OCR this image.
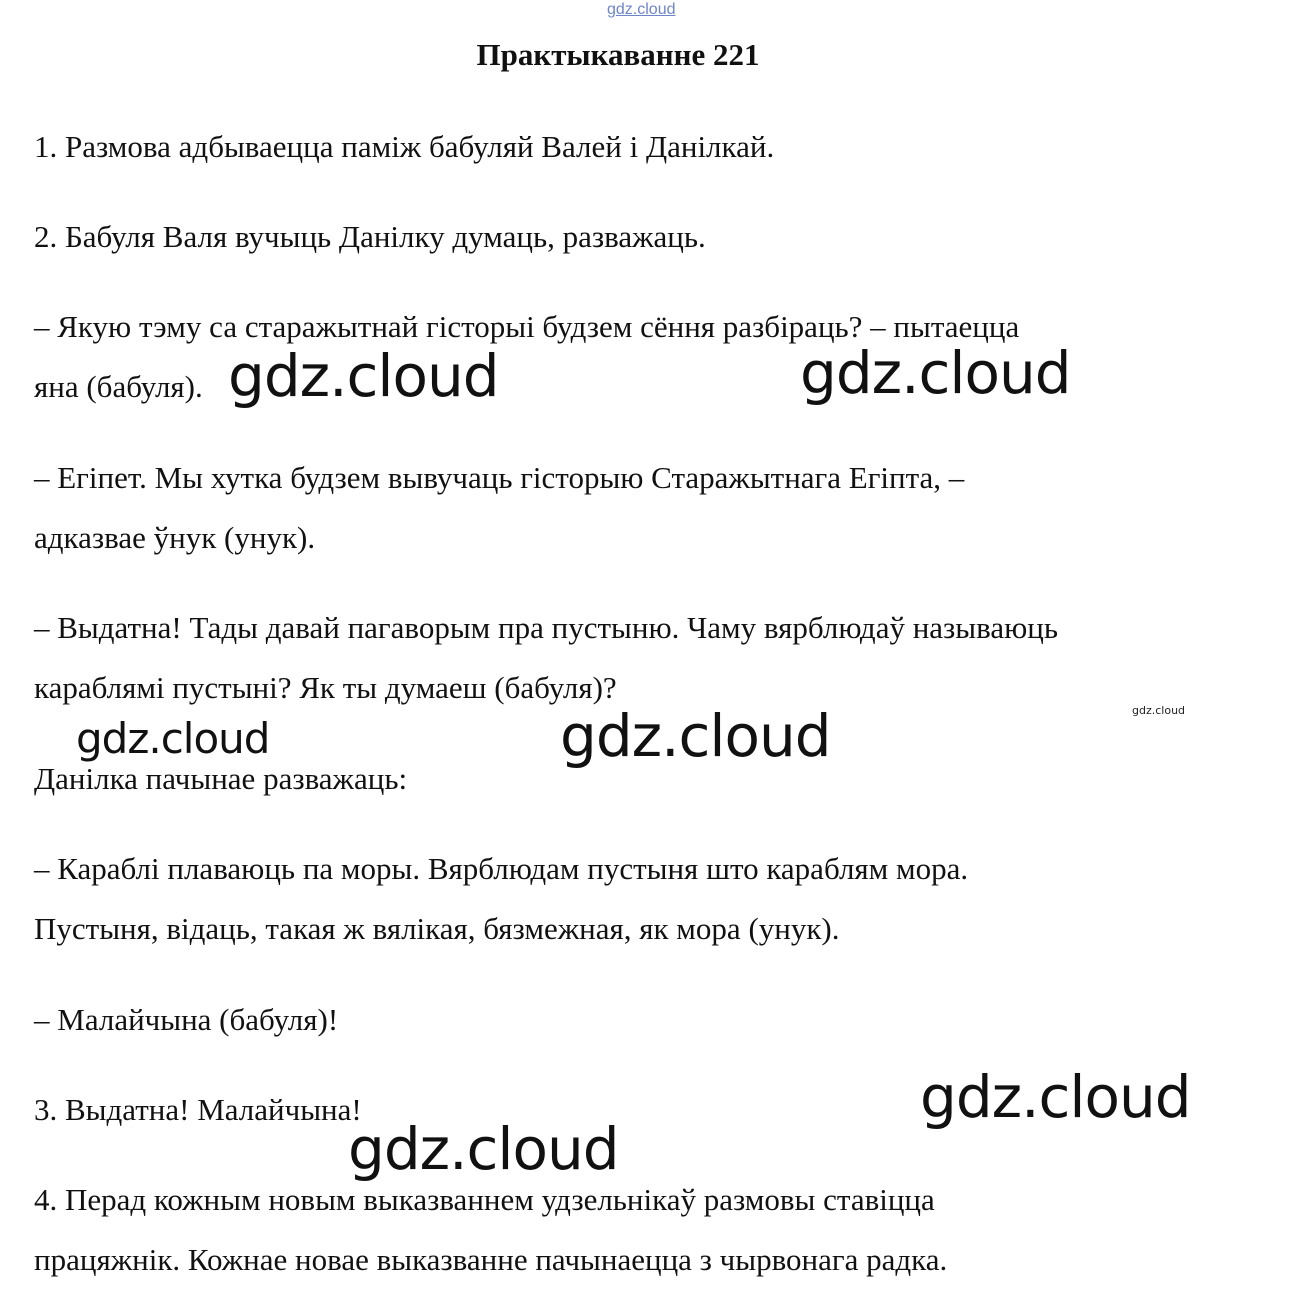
gdz.cloud
Практыкаванне 221
1. Размова адбываецца паміж бабуляй Валей і Данілкай.
2. Бабуля Валя вучыць Данілку думаць, разважаць.
– Якую тэму са старажытнай гісторыі будзем сёння разбіраць? – пытаецца
яна (бабуля).
– Егіпет. Мы хутка будзем вывучаць гісторыю Старажытнага Егіпта, –
адказвае ўнук (унук).
– Выдатна! Тады давай пагаворым пра пустыню. Чаму вярблюдаў называюць
караблямі пустыні? Як ты думаеш (бабуля)?
Данілка пачынае разважаць:
– Караблі плаваюць па моры. Вярблюдам пустыня што караблям мора.
Пустыня, відаць, такая ж вялікая, бязмежная, як мора (унук).
– Малайчына (бабуля)!
3. Выдатна! Малайчына!
4. Перад кожным новым выказваннем удзельнікаў размовы ставіцца
працяжнік. Кожнае новае выказванне пачынаецца з чырвонага радка.
gdz.cloud	gdz.cloud
gdz.cloud	gdz.cloud	gdz.cloud
gdz.cloud
gdz.cloud
